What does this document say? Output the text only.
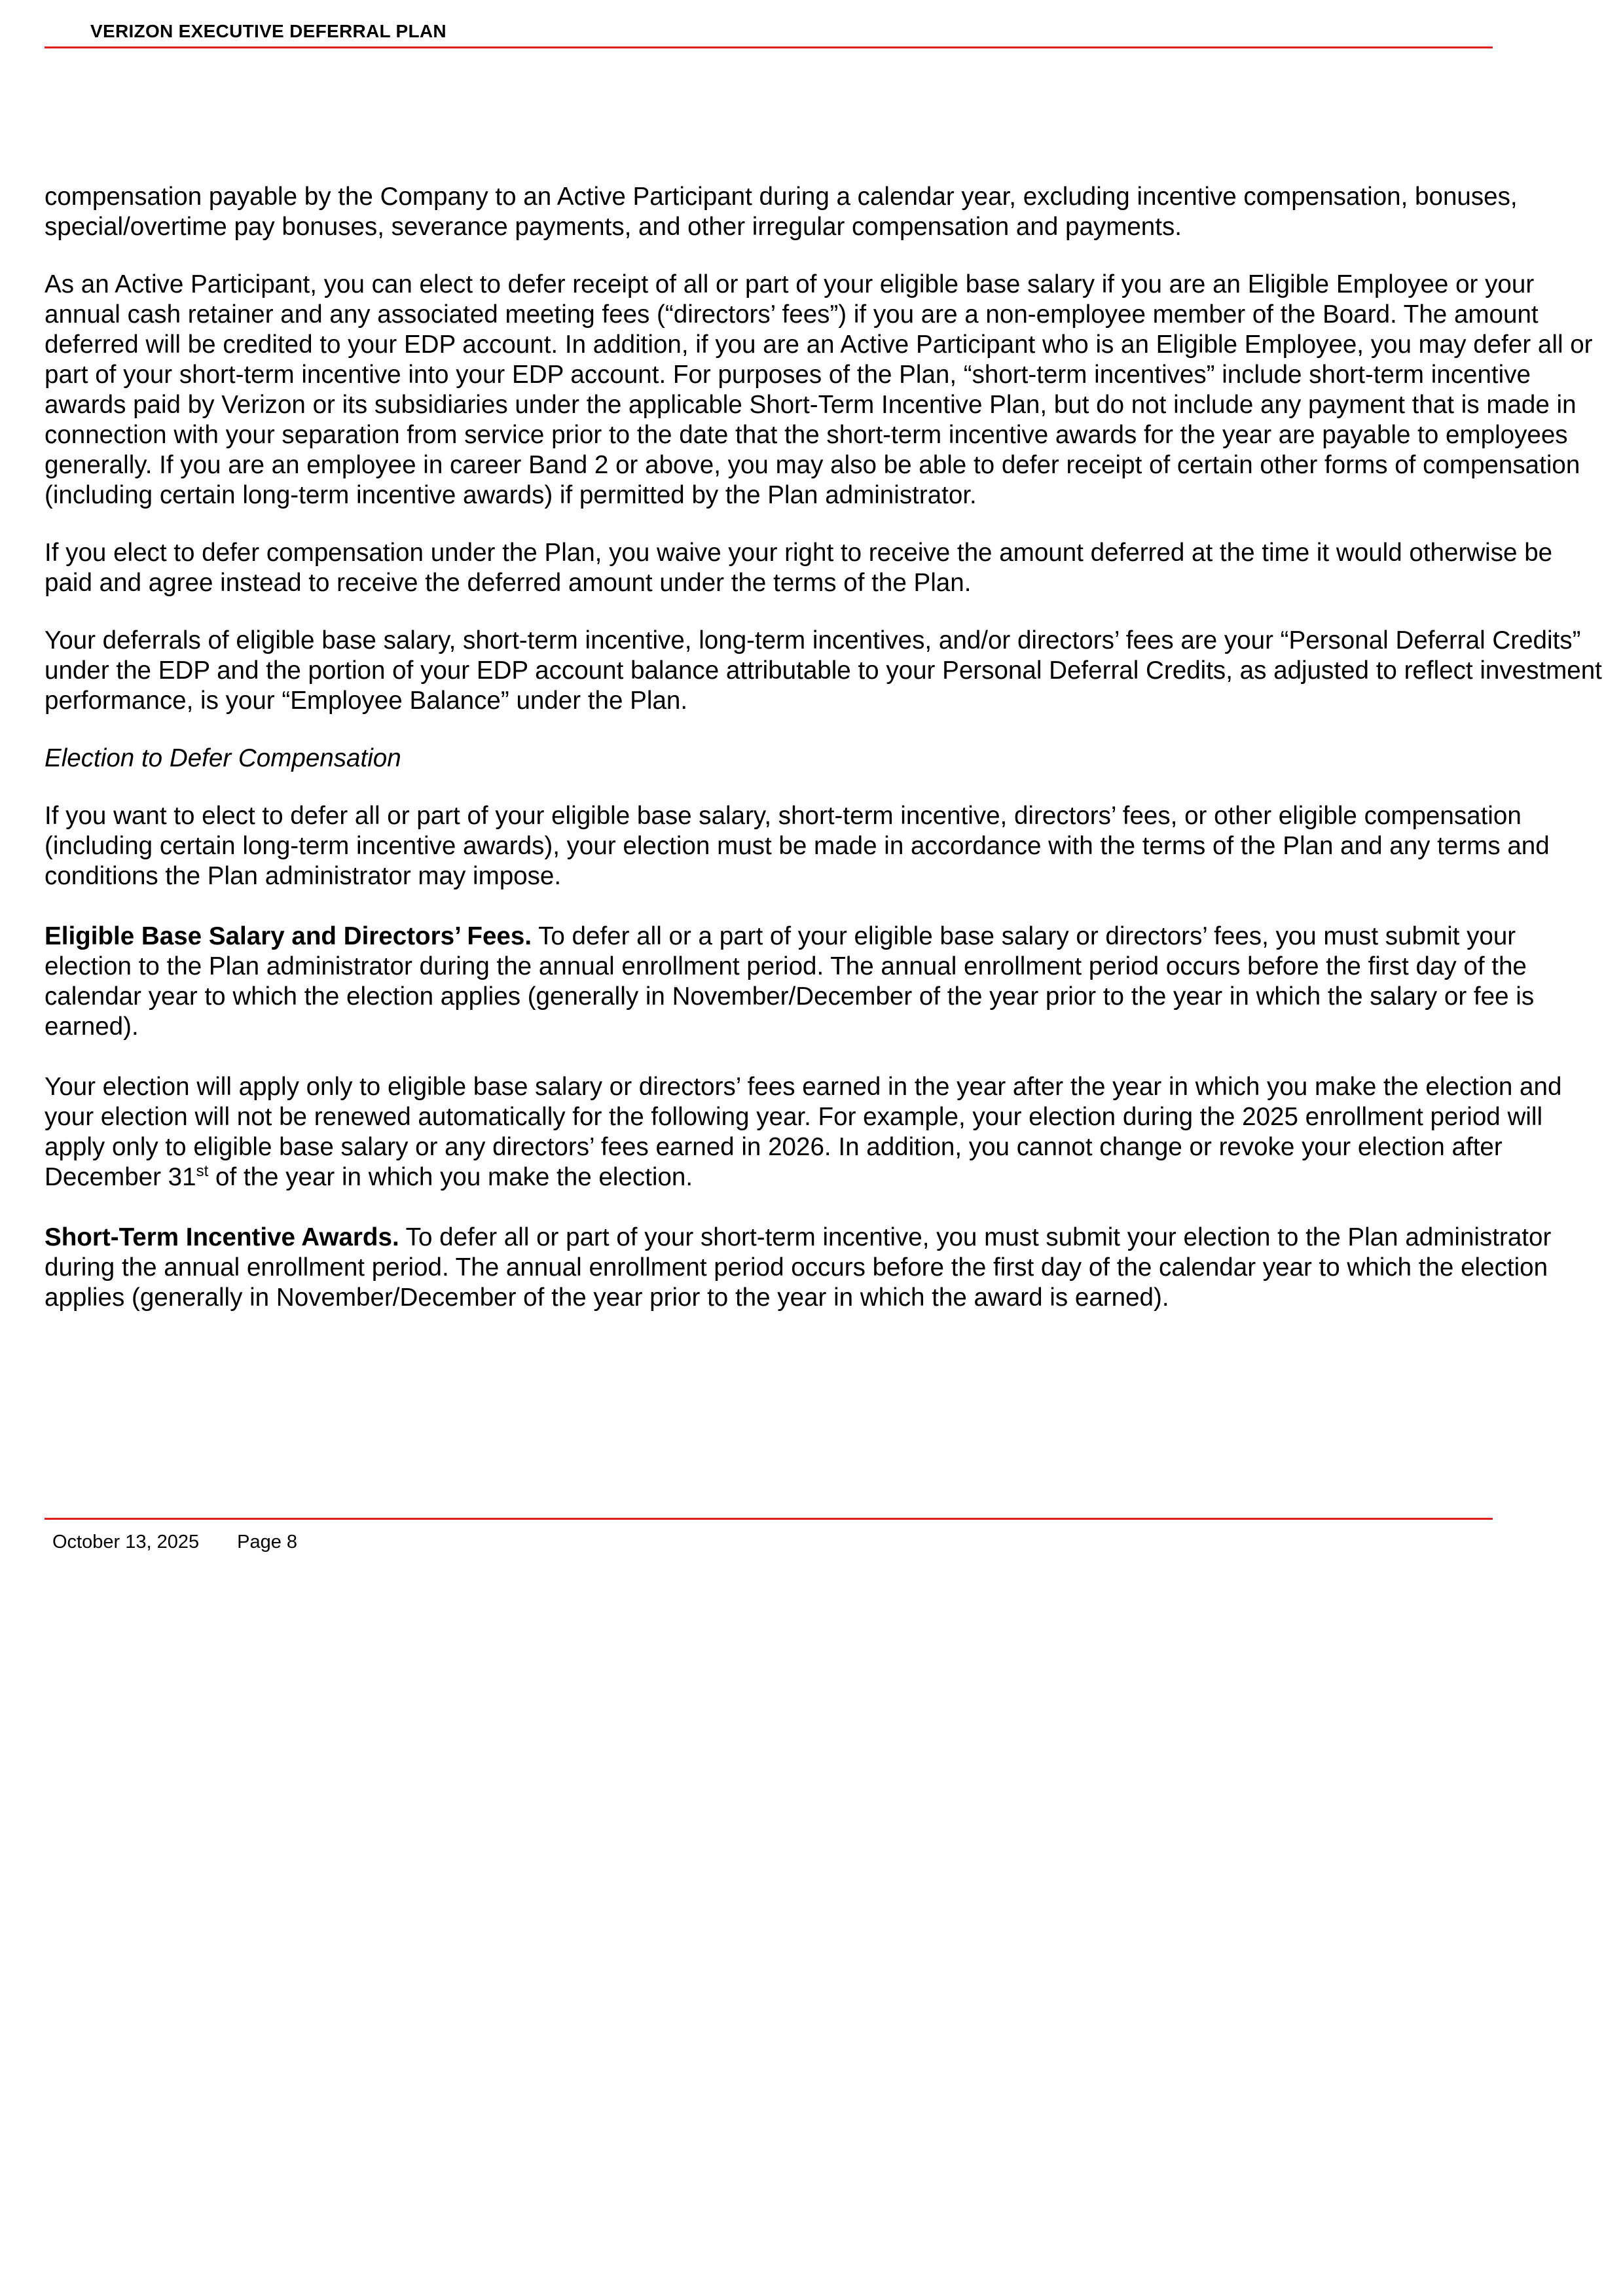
VERIZON EXECUTIVE DEFERRAL PLAN

compensation payable by the Company to an Active Participant during a calendar year, excluding incentive compensation, bonuses, special/overtime pay bonuses, severance payments, and other irregular compensation and payments.

As an Active Participant, you can elect to defer receipt of all or part of your eligible base salary if you are an Eligible Employee or your annual cash retainer and any associated meeting fees (“directors’ fees”) if you are a non-employee member of the Board. The amount deferred will be credited to your EDP account. In addition, if you are an Active Participant who is an Eligible Employee, you may defer all or part of your short-term incentive into your EDP account. For purposes of the Plan, “short-term incentives” include short-term incentive awards paid by Verizon or its subsidiaries under the applicable Short-Term Incentive Plan, but do not include any payment that is made in connection with your separation from service prior to the date that the short-term incentive awards for the year are payable to employees generally. If you are an employee in career Band 2 or above, you may also be able to defer receipt of certain other forms of compensation (including certain long-term incentive awards) if permitted by the Plan administrator.

If you elect to defer compensation under the Plan, you waive your right to receive the amount deferred at the time it would otherwise be paid and agree instead to receive the deferred amount under the terms of the Plan.

Your deferrals of eligible base salary, short-term incentive, long-term incentives, and/or directors’ fees are your “Personal Deferral Credits” under the EDP and the portion of your EDP account balance attributable to your Personal Deferral Credits, as adjusted to reflect investment performance, is your “Employee Balance” under the Plan.

Election to Defer Compensation

If you want to elect to defer all or part of your eligible base salary, short-term incentive, directors’ fees, or other eligible compensation (including certain long-term incentive awards), your election must be made in accordance with the terms of the Plan and any terms and conditions the Plan administrator may impose.

Eligible Base Salary and Directors’ Fees. To defer all or a part of your eligible base salary or directors’ fees, you must submit your election to the Plan administrator during the annual enrollment period. The annual enrollment period occurs before the first day of the calendar year to which the election applies (generally in November/December of the year prior to the year in which the salary or fee is earned).

Your election will apply only to eligible base salary or directors’ fees earned in the year after the year in which you make the election and your election will not be renewed automatically for the following year. For example, your election during the 2025 enrollment period will apply only to eligible base salary or any directors’ fees earned in 2026. In addition, you cannot change or revoke your election after December 31st of the year in which you make the election.

Short-Term Incentive Awards. To defer all or part of your short-term incentive, you must submit your election to the Plan administrator during the annual enrollment period. The annual enrollment period occurs before the first day of the calendar year to which the election applies (generally in November/December of the year prior to the year in which the award is earned).

October 13, 2025 Page 8
